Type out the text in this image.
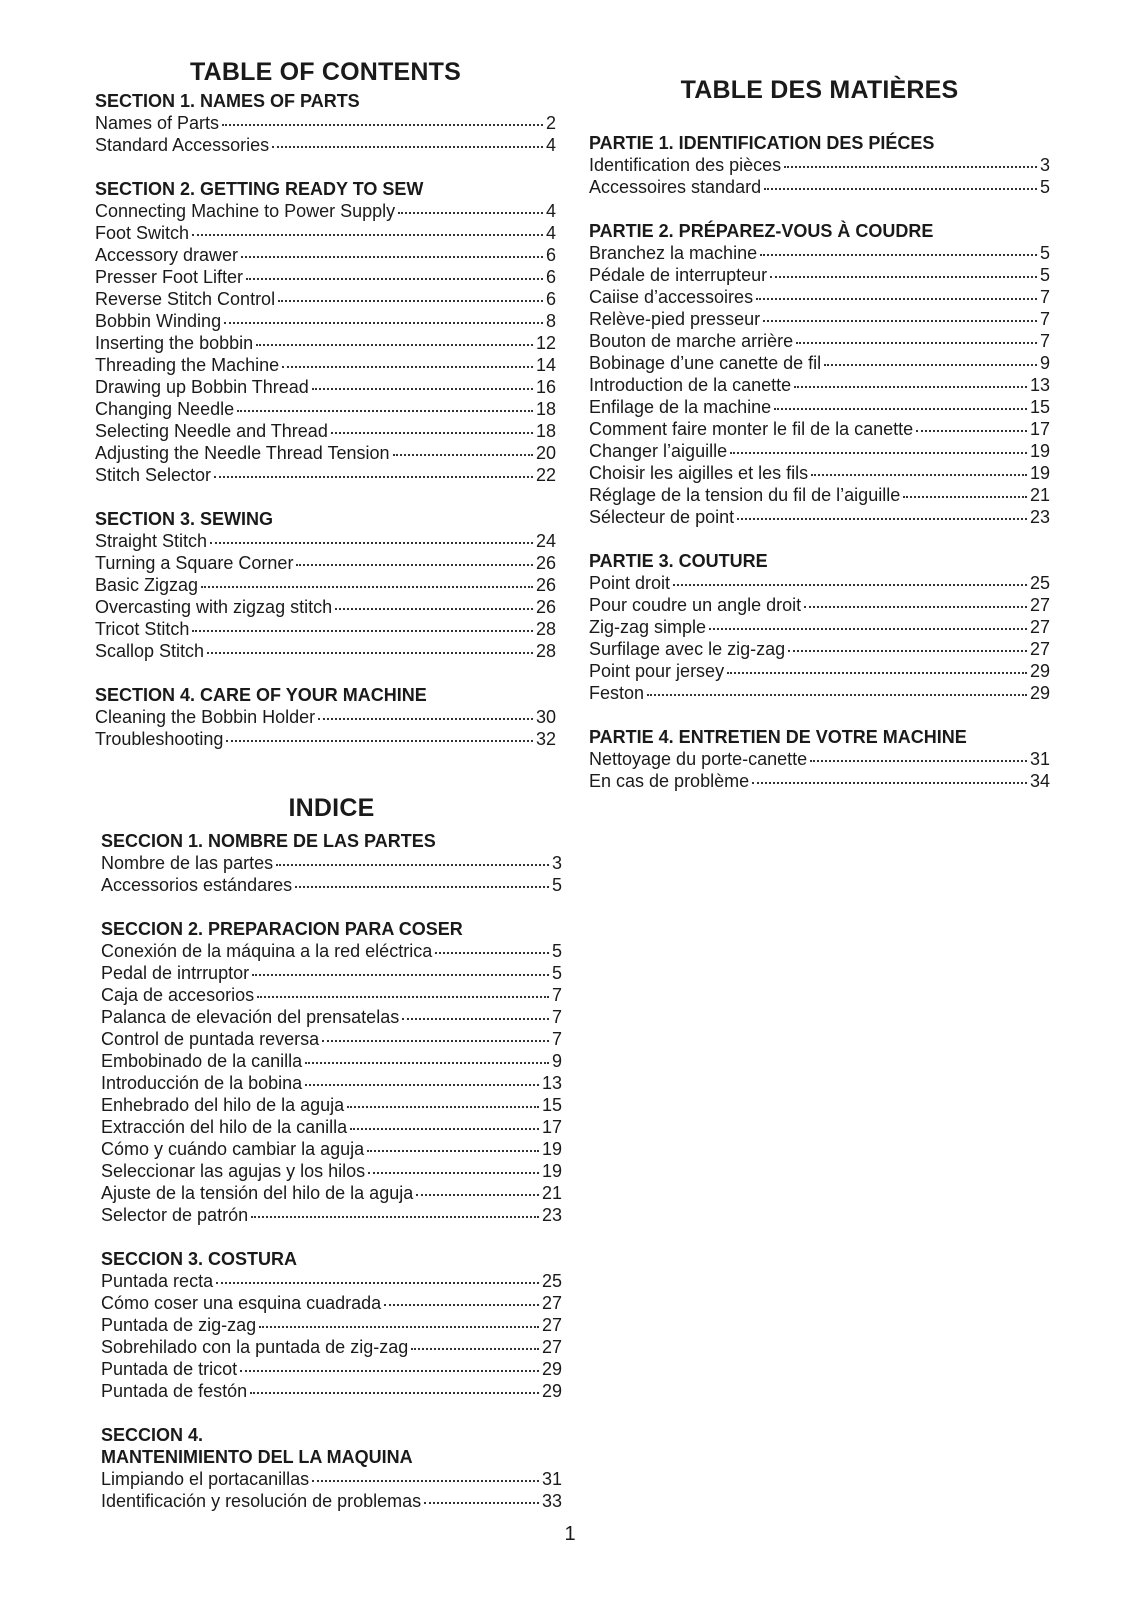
TABLE OF CONTENTS
SECTION 1. NAMES OF PARTS
Names of Parts	2
Standard Accessories	4
SECTION 2. GETTING READY TO SEW
Connecting Machine to Power Supply	4
Foot Switch	4
Accessory drawer	6
Presser Foot Lifter	6
Reverse Stitch Control	6
Bobbin Winding	8
Inserting the bobbin	12
Threading the Machine	14
Drawing up Bobbin Thread	16
Changing Needle	18
Selecting Needle and Thread	18
Adjusting the Needle Thread Tension	20
Stitch Selector	22
SECTION 3. SEWING
Straight Stitch	24
Turning a Square Corner	26
Basic Zigzag	26
Overcasting with zigzag stitch	26
Tricot Stitch	28
Scallop Stitch	28
SECTION 4. CARE OF YOUR MACHINE
Cleaning the Bobbin Holder	30
Troubleshooting	32
INDICE
SECCION 1. NOMBRE DE LAS PARTES
Nombre de las partes	3
Accessorios estándares	5
SECCION 2. PREPARACION PARA COSER
Conexión de la máquina a la red eléctrica	5
Pedal de intrruptor	5
Caja de accesorios	7
Palanca de elevación del prensatelas	7
Control de puntada reversa	7
Embobinado de la canilla	9
Introducción de la bobina	13
Enhebrado del hilo de la aguja	15
Extracción del hilo de la canilla	17
Cómo y cuándo cambiar la aguja	19
Seleccionar las agujas y los hilos	19
Ajuste de la tensión del hilo de la aguja	21
Selector de patrón	23
SECCION 3. COSTURA
Puntada recta	25
Cómo coser una esquina cuadrada	27
Puntada de zig-zag	27
Sobrehilado con la puntada de zig-zag	27
Puntada de tricot	29
Puntada de festón	29
SECCION 4.
MANTENIMIENTO DEL LA MAQUINA
Limpiando el portacanillas	31
Identificación y resolución de problemas	33
TABLE DES MATIÈRES
PARTIE 1. IDENTIFICATION DES PIÉCES
Identification des pièces	3
Accessoires standard	5
PARTIE 2. PRÉPAREZ-VOUS À COUDRE
Branchez la machine	5
Pédale de interrupteur	5
Caiise d’accessoires	7
Relève-pied presseur	7
Bouton de marche arrière	7
Bobinage d’une canette de fil	9
Introduction de la canette	13
Enfilage de la machine	15
Comment faire monter le fil de la canette	17
Changer l’aiguille	19
Choisir les aigilles et les fils	19
Réglage de la tension du fil de l’aiguille	21
Sélecteur de point	23
PARTIE 3. COUTURE
Point droit	25
Pour coudre un angle droit	27
Zig-zag simple	27
Surfilage avec le zig-zag	27
Point pour jersey	29
Feston	29
PARTIE 4. ENTRETIEN DE VOTRE MACHINE
Nettoyage du porte-canette	31
En cas de problème	34
1
